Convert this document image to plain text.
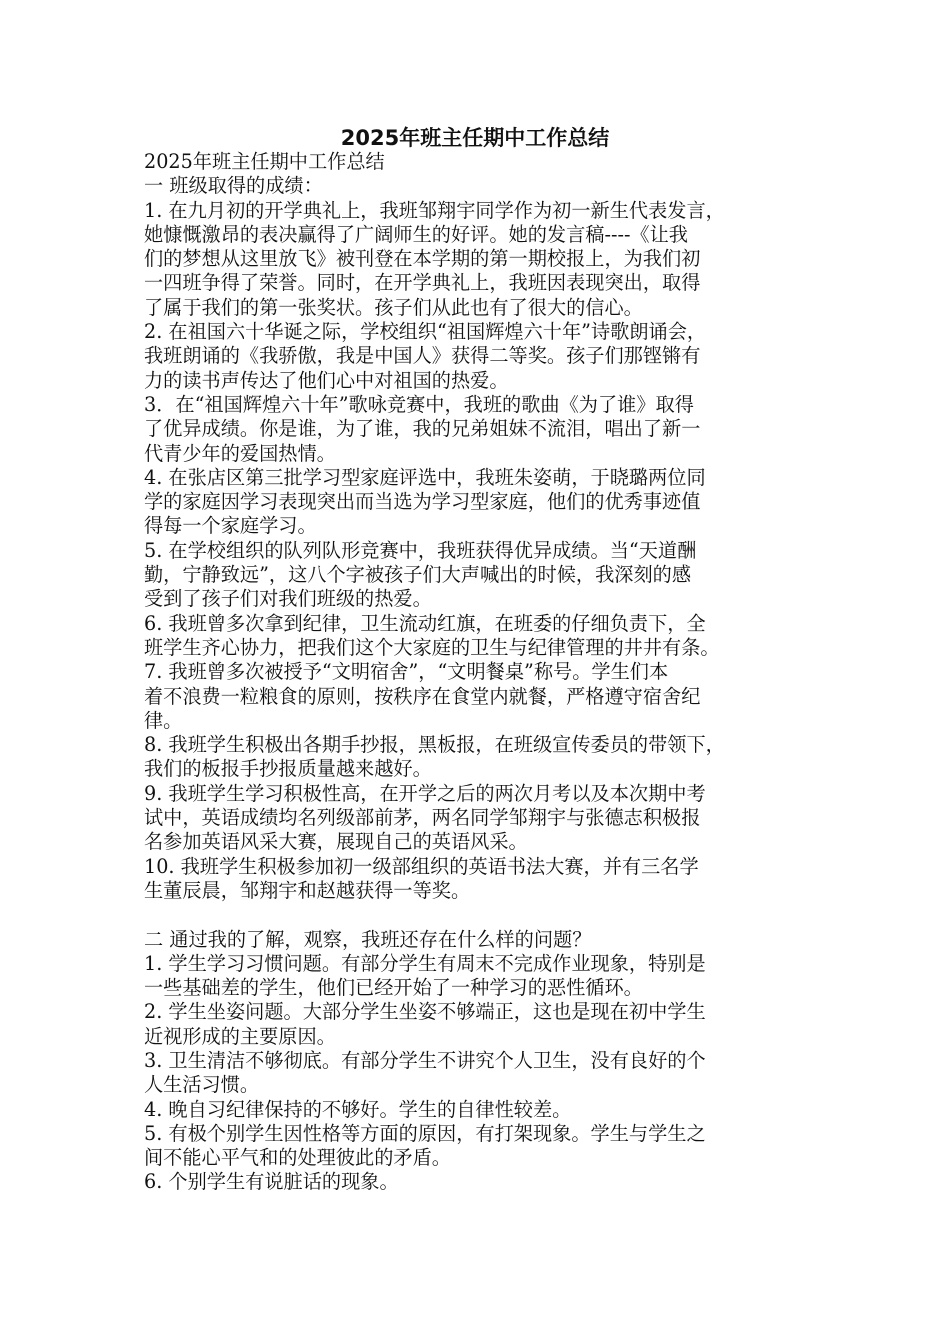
2025年班主任期中工作总结
2025年班主任期中工作总结
一 班级取得的成绩：
1. 在九月初的开学典礼上，我班邹翔宇同学作为初一新生代表发言，
她慷慨激昂的表决赢得了广阔师生的好评。她的发言稿----《让我
们的梦想从这里放飞》被刊登在本学期的第一期校报上，为我们初
一四班争得了荣誉。同时，在开学典礼上，我班因表现突出，取得
了属于我们的第一张奖状。孩子们从此也有了很大的信心。
2. 在祖国六十华诞之际，学校组织“祖国辉煌六十年”诗歌朗诵会，
我班朗诵的《我骄傲，我是中国人》获得二等奖。孩子们那铿锵有
力的读书声传达了他们心中对祖国的热爱。
3．在“祖国辉煌六十年”歌咏竞赛中，我班的歌曲《为了谁》取得
了优异成绩。你是谁，为了谁，我的兄弟姐妹不流泪，唱出了新一
代青少年的爱国热情。
4. 在张店区第三批学习型家庭评选中，我班朱姿萌，于晓璐两位同
学的家庭因学习表现突出而当选为学习型家庭，他们的优秀事迹值
得每一个家庭学习。
5. 在学校组织的队列队形竞赛中，我班获得优异成绩。当“天道酬
勤，宁静致远”，这八个字被孩子们大声喊出的时候，我深刻的感
受到了孩子们对我们班级的热爱。
6. 我班曾多次拿到纪律，卫生流动红旗，在班委的仔细负责下，全
班学生齐心协力，把我们这个大家庭的卫生与纪律管理的井井有条。
7. 我班曾多次被授予“文明宿舍”，“文明餐桌”称号。学生们本
着不浪费一粒粮食的原则，按秩序在食堂内就餐，严格遵守宿舍纪
律。
8. 我班学生积极出各期手抄报，黑板报，在班级宣传委员的带领下，
我们的板报手抄报质量越来越好。
9. 我班学生学习积极性高，在开学之后的两次月考以及本次期中考
试中，英语成绩均名列级部前茅，两名同学邹翔宇与张德志积极报
名参加英语风采大赛，展现自己的英语风采。
10. 我班学生积极参加初一级部组织的英语书法大赛，并有三名学
生董辰晨，邹翔宇和赵越获得一等奖。
二 通过我的了解，观察，我班还存在什么样的问题？
1. 学生学习习惯问题。有部分学生有周末不完成作业现象，特别是
一些基础差的学生，他们已经开始了一种学习的恶性循环。
2. 学生坐姿问题。大部分学生坐姿不够端正，这也是现在初中学生
近视形成的主要原因。
3. 卫生清洁不够彻底。有部分学生不讲究个人卫生，没有良好的个
人生活习惯。
4. 晚自习纪律保持的不够好。学生的自律性较差。
5. 有极个别学生因性格等方面的原因，有打架现象。学生与学生之
间不能心平气和的处理彼此的矛盾。
6. 个别学生有说脏话的现象。
